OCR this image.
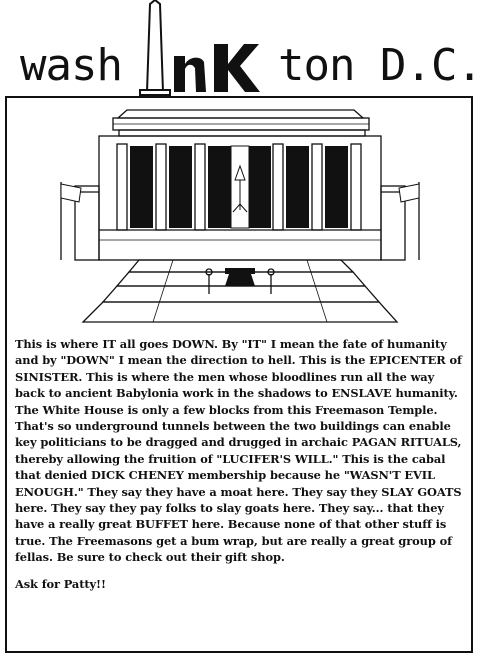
wash	ton D.C.

This is where IT all goes DOWN. By "IT" I mean the fate of humanity and by "DOWN" I mean the direction to hell. This is the EPICENTER of SINISTER. This is where the men whose bloodlines run all the way back to ancient Babylonia work in the shadows to ENSLAVE humanity. The White House is only a few blocks from this Freemason Temple. That's so underground tunnels between the two buildings can enable key politicians to be dragged and drugged in archaic PAGAN RITUALS, thereby allowing the fruition of "LUCIFER'S WILL." This is the cabal that denied DICK CHENEY membership because he "WASN'T EVIL ENOUGH." They say they have a moat here. They say they SLAY GOATS here. They say they pay folks to slay goats here. They say... that they have a really great BUFFET here. Because none of that other stuff is true. The Freemasons get a bum wrap, but are really a great group of fellas. Be sure to check out their gift shop.

Ask for Patty!!
